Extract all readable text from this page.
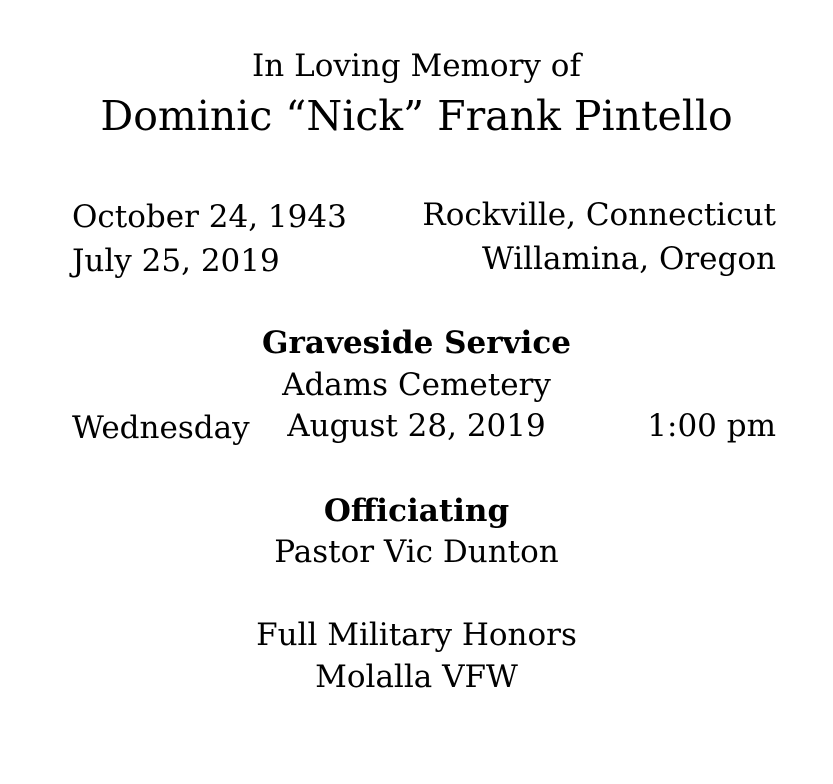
In Loving Memory of
Dominic “Nick” Frank Pintello
October 24, 1943 Rockville, Connecticut
July 25, 2019	Willamina, Oregon
Graveside Service
Adams Cemetery
Wednesday	August 28, 2019	1:00 pm
Officiating
Pastor Vic Dunton
Full Military Honors
Molalla VFW
